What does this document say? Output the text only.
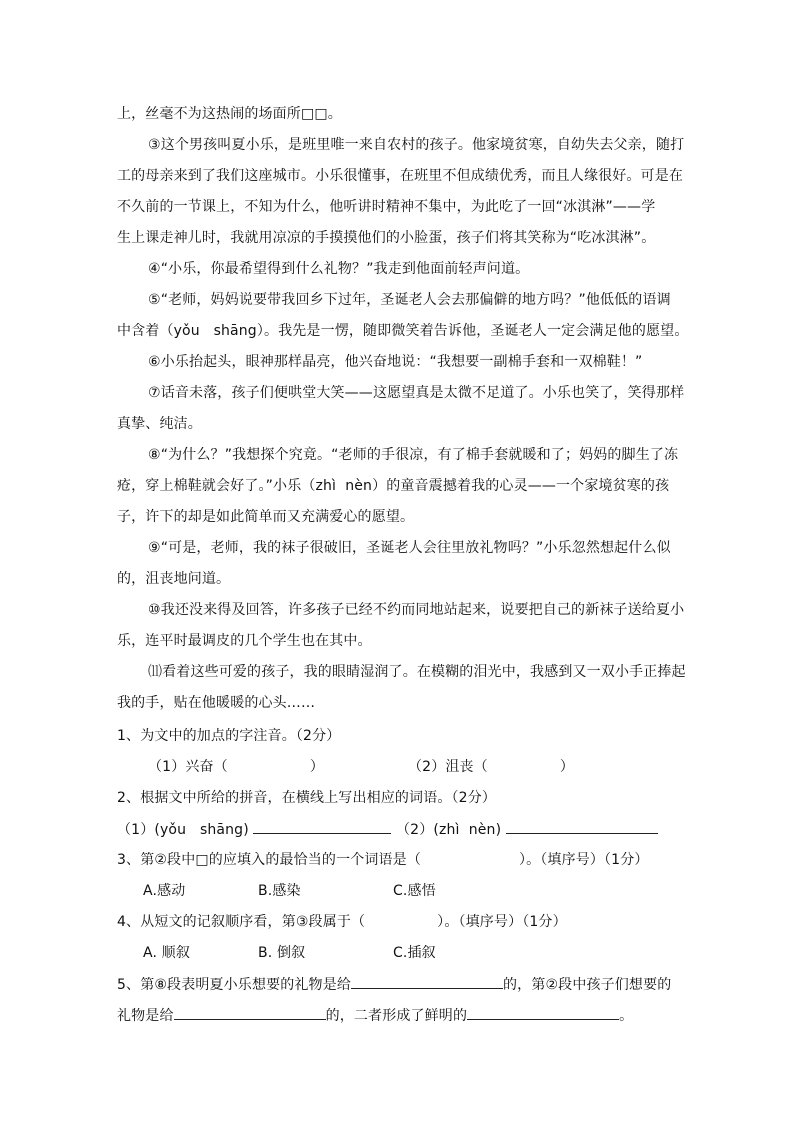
上，丝毫不为这热闹的场面所□□。
③这个男孩叫夏小乐，是班里唯一来自农村的孩子。他家境贫寒，自幼失去父亲，随打
工的母亲来到了我们这座城市。小乐很懂事，在班里不但成绩优秀，而且人缘很好。可是在
不久前的一节课上，不知为什么，他听讲时精神不集中，为此吃了一回“冰淇淋”——学
生上课走神儿时，我就用凉凉的手摸摸他们的小脸蛋，孩子们将其笑称为“吃冰淇淋”。
④“小乐，你最希望得到什么礼物？”我走到他面前轻声问道。
⑤“老师，妈妈说要带我回乡下过年，圣诞老人会去那偏僻的地方吗？”他低低的语调
中含着（yǒu   shāng）。我先是一愣，随即微笑着告诉他，圣诞老人一定会满足他的愿望。
⑥小乐抬起头，眼神那样晶亮，他兴奋地说：“我想要一副棉手套和一双棉鞋！”
⑦话音未落，孩子们便哄堂大笑——这愿望真是太微不足道了。小乐也笑了，笑得那样
真挚、纯洁。
⑧“为什么？”我想探个究竟。“老师的手很凉，有了棉手套就暖和了；妈妈的脚生了冻
疮，穿上棉鞋就会好了。”小乐（zhì  nèn）的童音震撼着我的心灵——一个家境贫寒的孩
子，许下的却是如此简单而又充满爱心的愿望。
⑨“可是，老师，我的袜子很破旧，圣诞老人会往里放礼物吗？”小乐忽然想起什么似
的，沮丧地问道。
⑩我还没来得及回答，许多孩子已经不约而同地站起来，说要把自己的新袜子送给夏小
乐，连平时最调皮的几个学生也在其中。
⑾看着这些可爱的孩子，我的眼睛湿润了。在模糊的泪光中，我感到又一双小手正捧起
我的手，贴在他暖暖的心头……
1、为文中的加点的字注音。（2分）
（1）兴奋（	）	（2）沮丧（	）
2、根据文中所给的拼音，在横线上写出相应的词语。（2分）
（1）(yǒu   shāng)	（2）(zhì  nèn)
3、第②段中□的应填入的最恰当的一个词语是（	）。（填序号）（1分）
A.感动	B.感染	C.感悟
4、从短文的记叙顺序看，第③段属于（	）。（填序号）（1分）
A. 顺叙	B. 倒叙	C.插叙
5、第⑧段表明夏小乐想要的礼物是给	的，第②段中孩子们想要的
礼物是给	的，二者形成了鲜明的	。
